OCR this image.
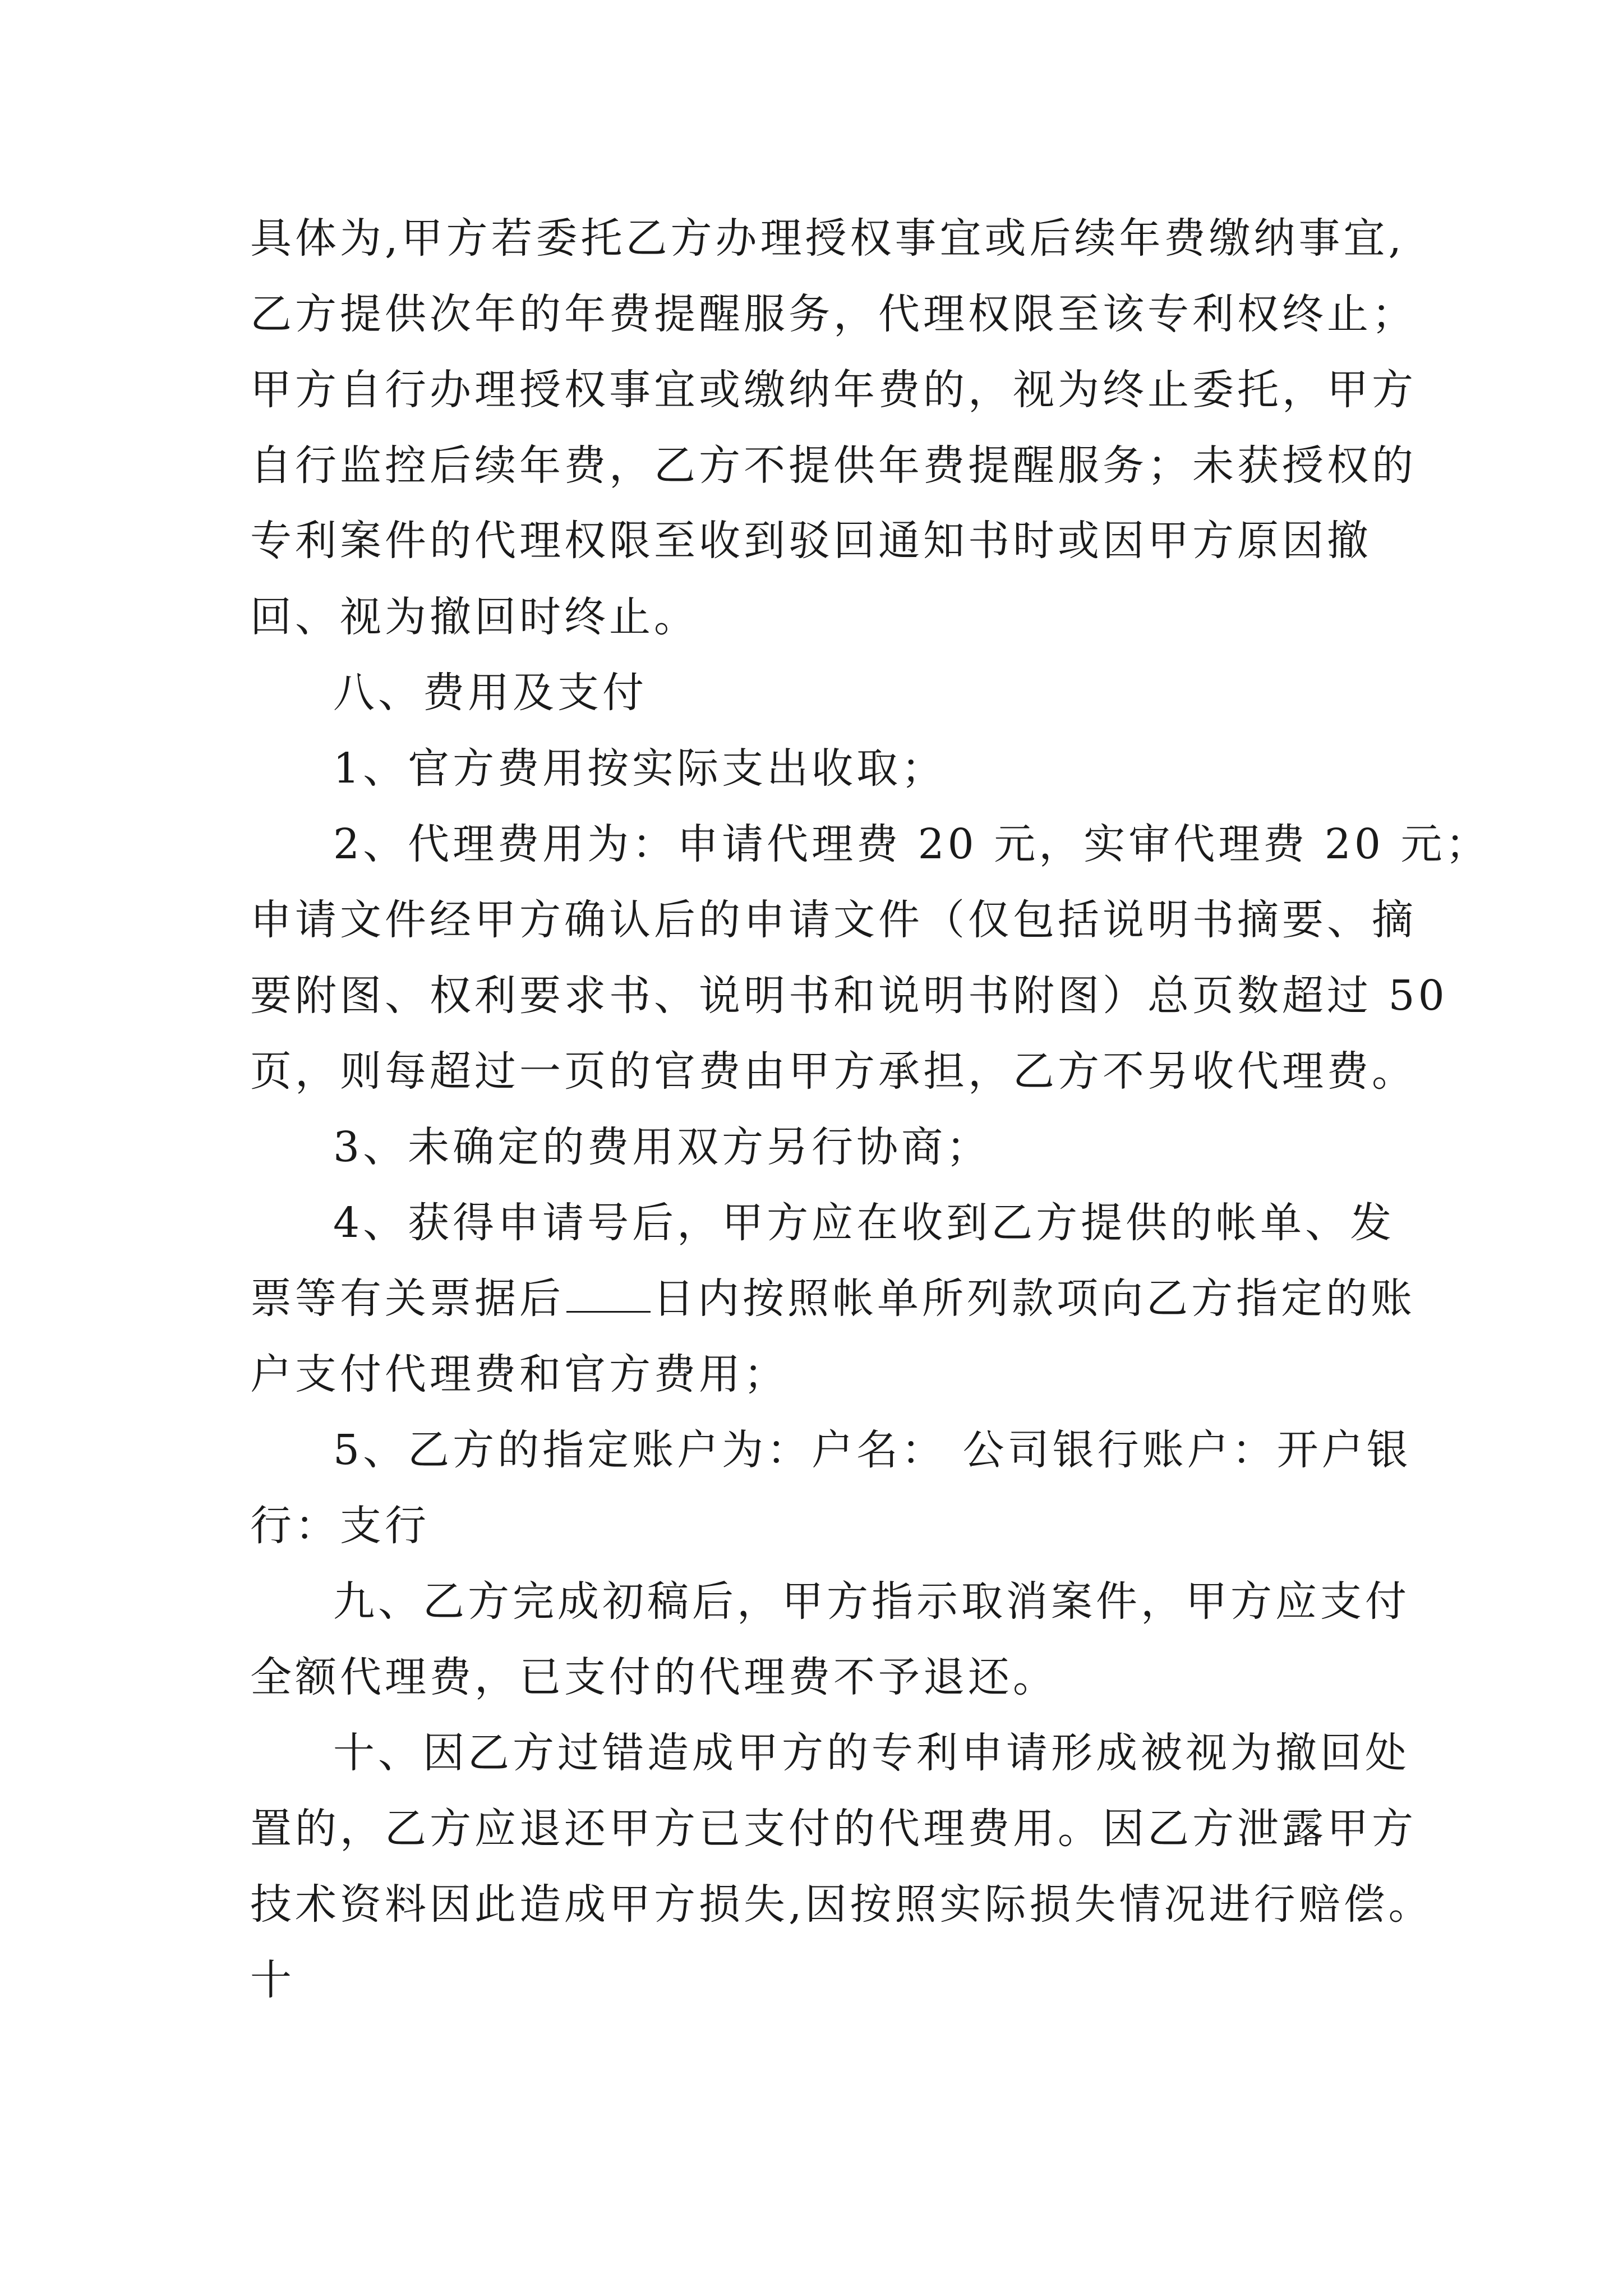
具体为,甲方若委托乙方办理授权事宜或后续年费缴纳事宜,

乙方提供次年的年费提醒服务，代理权限至该专利权终止；

甲方自行办理授权事宜或缴纳年费的，视为终止委托，甲方

自行监控后续年费，乙方不提供年费提醒服务；未获授权的

专利案件的代理权限至收到驳回通知书时或因甲方原因撤

回、视为撤回时终止。

八、费用及支付

1、官方费用按实际支出收取；

2、代理费用为：申请代理费 20 元，实审代理费 20 元；

申请文件经甲方确认后的申请文件（仅包括说明书摘要、摘

要附图、权利要求书、说明书和说明书附图）总页数超过 50

页，则每超过一页的官费由甲方承担，乙方不另收代理费。

3、未确定的费用双方另行协商；

4、获得申请号后，甲方应在收到乙方提供的帐单、发

票等有关票据后 日内按照帐单所列款项向乙方指定的账

户支付代理费和官方费用；

5、乙方的指定账户为：户名： 公司银行账户：开户银

行：支行

九、乙方完成初稿后，甲方指示取消案件，甲方应支付

全额代理费，已支付的代理费不予退还。

十、因乙方过错造成甲方的专利申请形成被视为撤回处

置的，乙方应退还甲方已支付的代理费用。因乙方泄露甲方

技术资料因此造成甲方损失,因按照实际损失情况进行赔偿。

十
